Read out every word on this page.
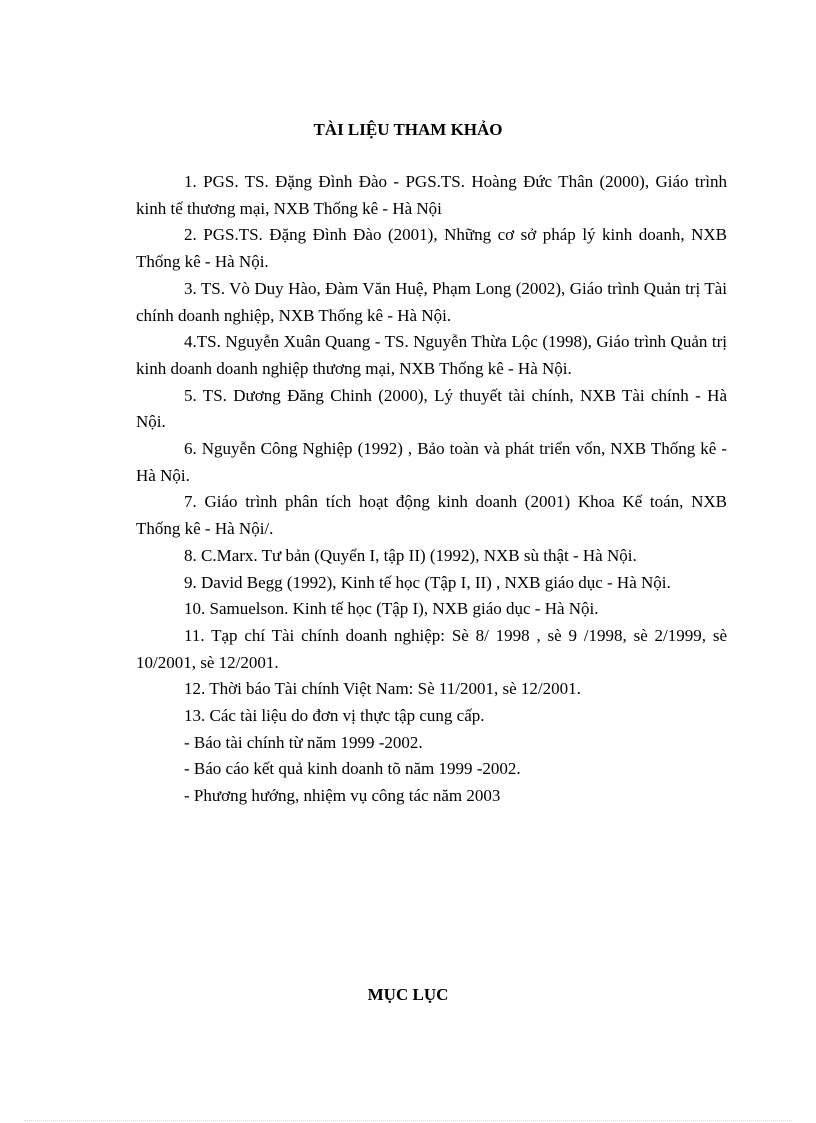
TÀI LIỆU THAM KHẢO

1. PGS. TS. Đặng Đình Đào - PGS.TS. Hoàng Đức Thân (2000), Giáo trình kinh tế thương mại, NXB Thống kê - Hà Nội

2. PGS.TS. Đặng Đình Đào (2001), Những cơ sở pháp lý kinh doanh, NXB Thống kê - Hà Nội.

3. TS. Vò Duy Hào, Đàm Văn Huệ, Phạm Long (2002), Giáo trình Quản trị Tài chính doanh nghiệp, NXB Thống kê - Hà Nội.

4.TS. Nguyễn Xuân Quang - TS. Nguyễn Thừa Lộc (1998), Giáo trình Quản trị kinh doanh doanh nghiệp thương mại, NXB Thống kê - Hà Nội.

5. TS. Dương Đăng Chinh (2000), Lý thuyết tài chính, NXB Tài chính - Hà Nội.

6. Nguyễn Công Nghiệp (1992) , Bảo toàn và phát triển vốn, NXB Thống kê - Hà Nội.

7. Giáo trình phân tích hoạt động kinh doanh (2001) Khoa Kế toán, NXB Thống kê - Hà Nội/.

8. C.Marx. Tư bản (Quyển I, tập II) (1992), NXB sù thật - Hà Nội.

9. David Begg (1992), Kinh tế học (Tập I, II) , NXB giáo dục - Hà Nội.

10. Samuelson. Kinh tế học (Tập I), NXB giáo dục - Hà Nội.

11. Tạp chí Tài chính doanh nghiệp: Sè 8/ 1998 , sè 9 /1998, sè 2/1999, sè 10/2001, sè 12/2001.

12. Thời báo Tài chính Việt Nam: Sè 11/2001, sè 12/2001.

13. Các tài liệu do đơn vị thực tập cung cấp.

- Báo tài chính từ năm 1999 -2002.

- Báo cáo kết quả kinh doanh tõ năm 1999 -2002.

- Phương hướng, nhiệm vụ công tác năm 2003

MỤC LỤC
